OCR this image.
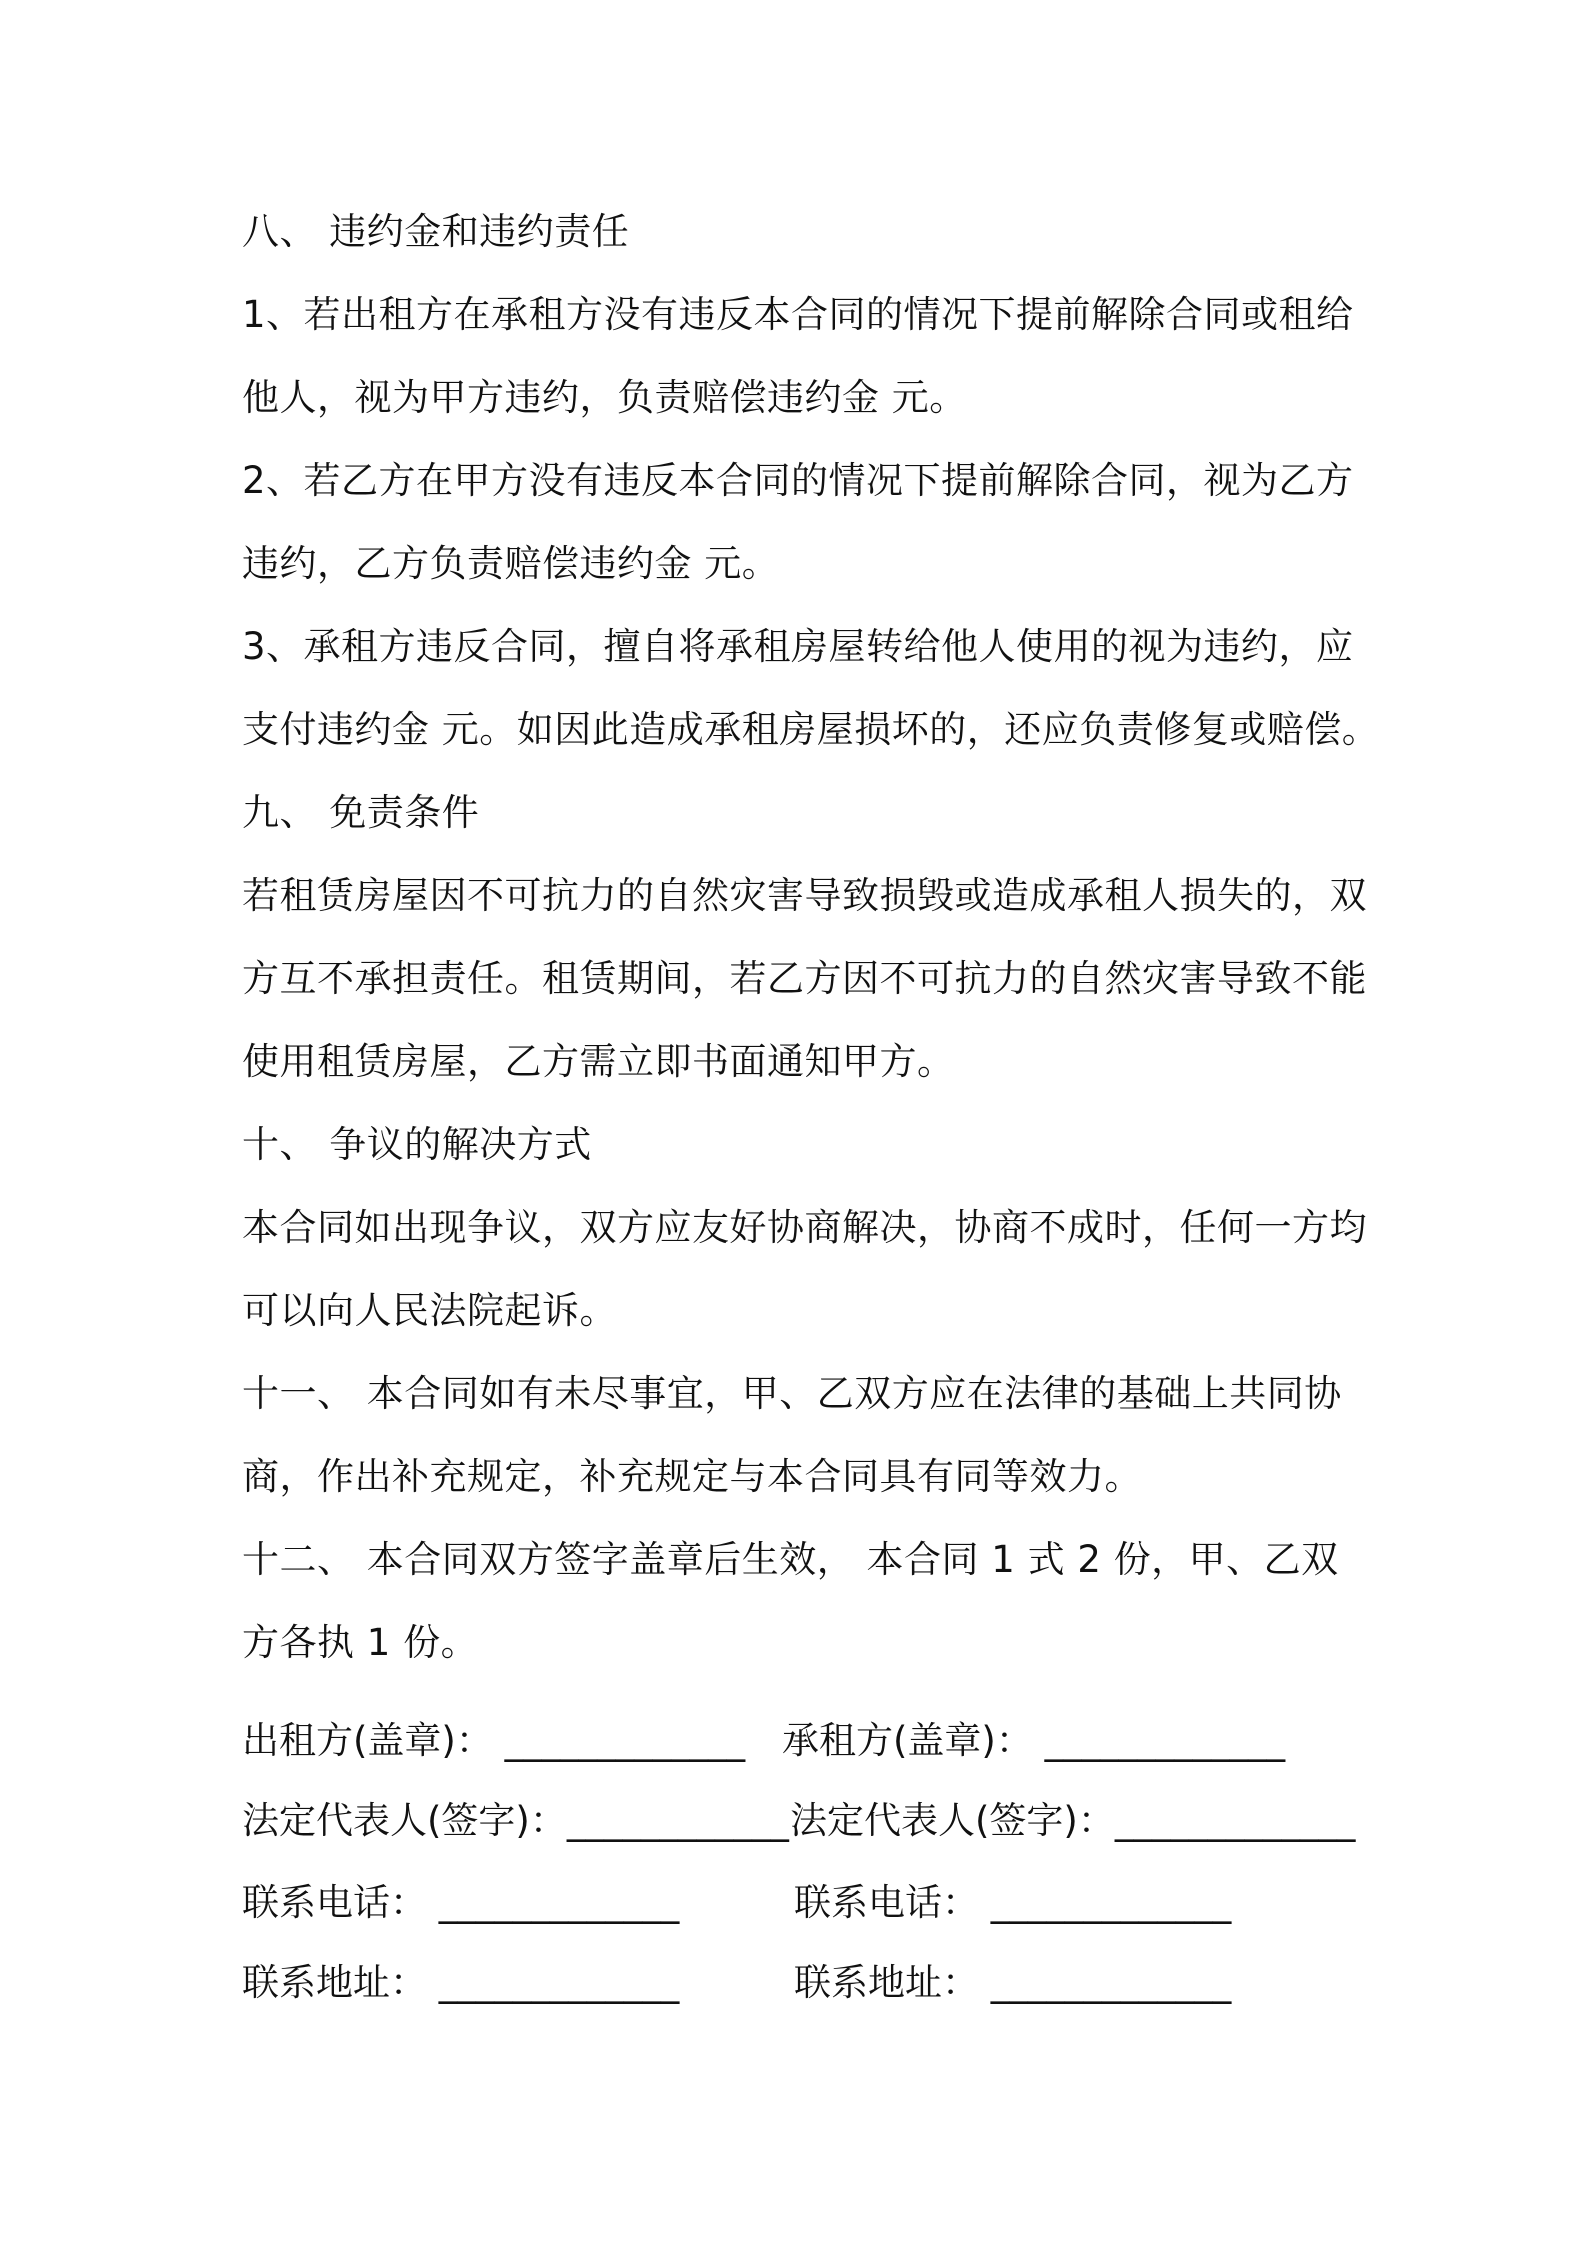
八、 违约金和违约责任
1、若出租方在承租方没有违反本合同的情况下提前解除合同或租给
他人，视为甲方违约，负责赔偿违约金 元。
2、若乙方在甲方没有违反本合同的情况下提前解除合同，视为乙方
违约，乙方负责赔偿违约金 元。
3、承租方违反合同，擅自将承租房屋转给他人使用的视为违约，应
支付违约金 元。如因此造成承租房屋损坏的，还应负责修复或赔偿。
九、 免责条件
若租赁房屋因不可抗力的自然灾害导致损毁或造成承租人损失的，双
方互不承担责任。租赁期间，若乙方因不可抗力的自然灾害导致不能
使用租赁房屋，乙方需立即书面通知甲方。
十、 争议的解决方式
本合同如出现争议，双方应友好协商解决，协商不成时，任何一方均
可以向人民法院起诉。
十一、 本合同如有未尽事宜，甲、乙双方应在法律的基础上共同协
商，作出补充规定，补充规定与本合同具有同等效力。
十二、 本合同双方签字盖章后生效， 本合同 1 式 2 份，甲、乙双
方各执 1 份。
出租方(盖章)： _____________ 承租方(盖章)： _____________
法定代表人(签字)：____________ 法定代表人(签字)：_____________
联系电话： _____________	联系电话： _____________
联系地址： _____________	联系地址： _____________
